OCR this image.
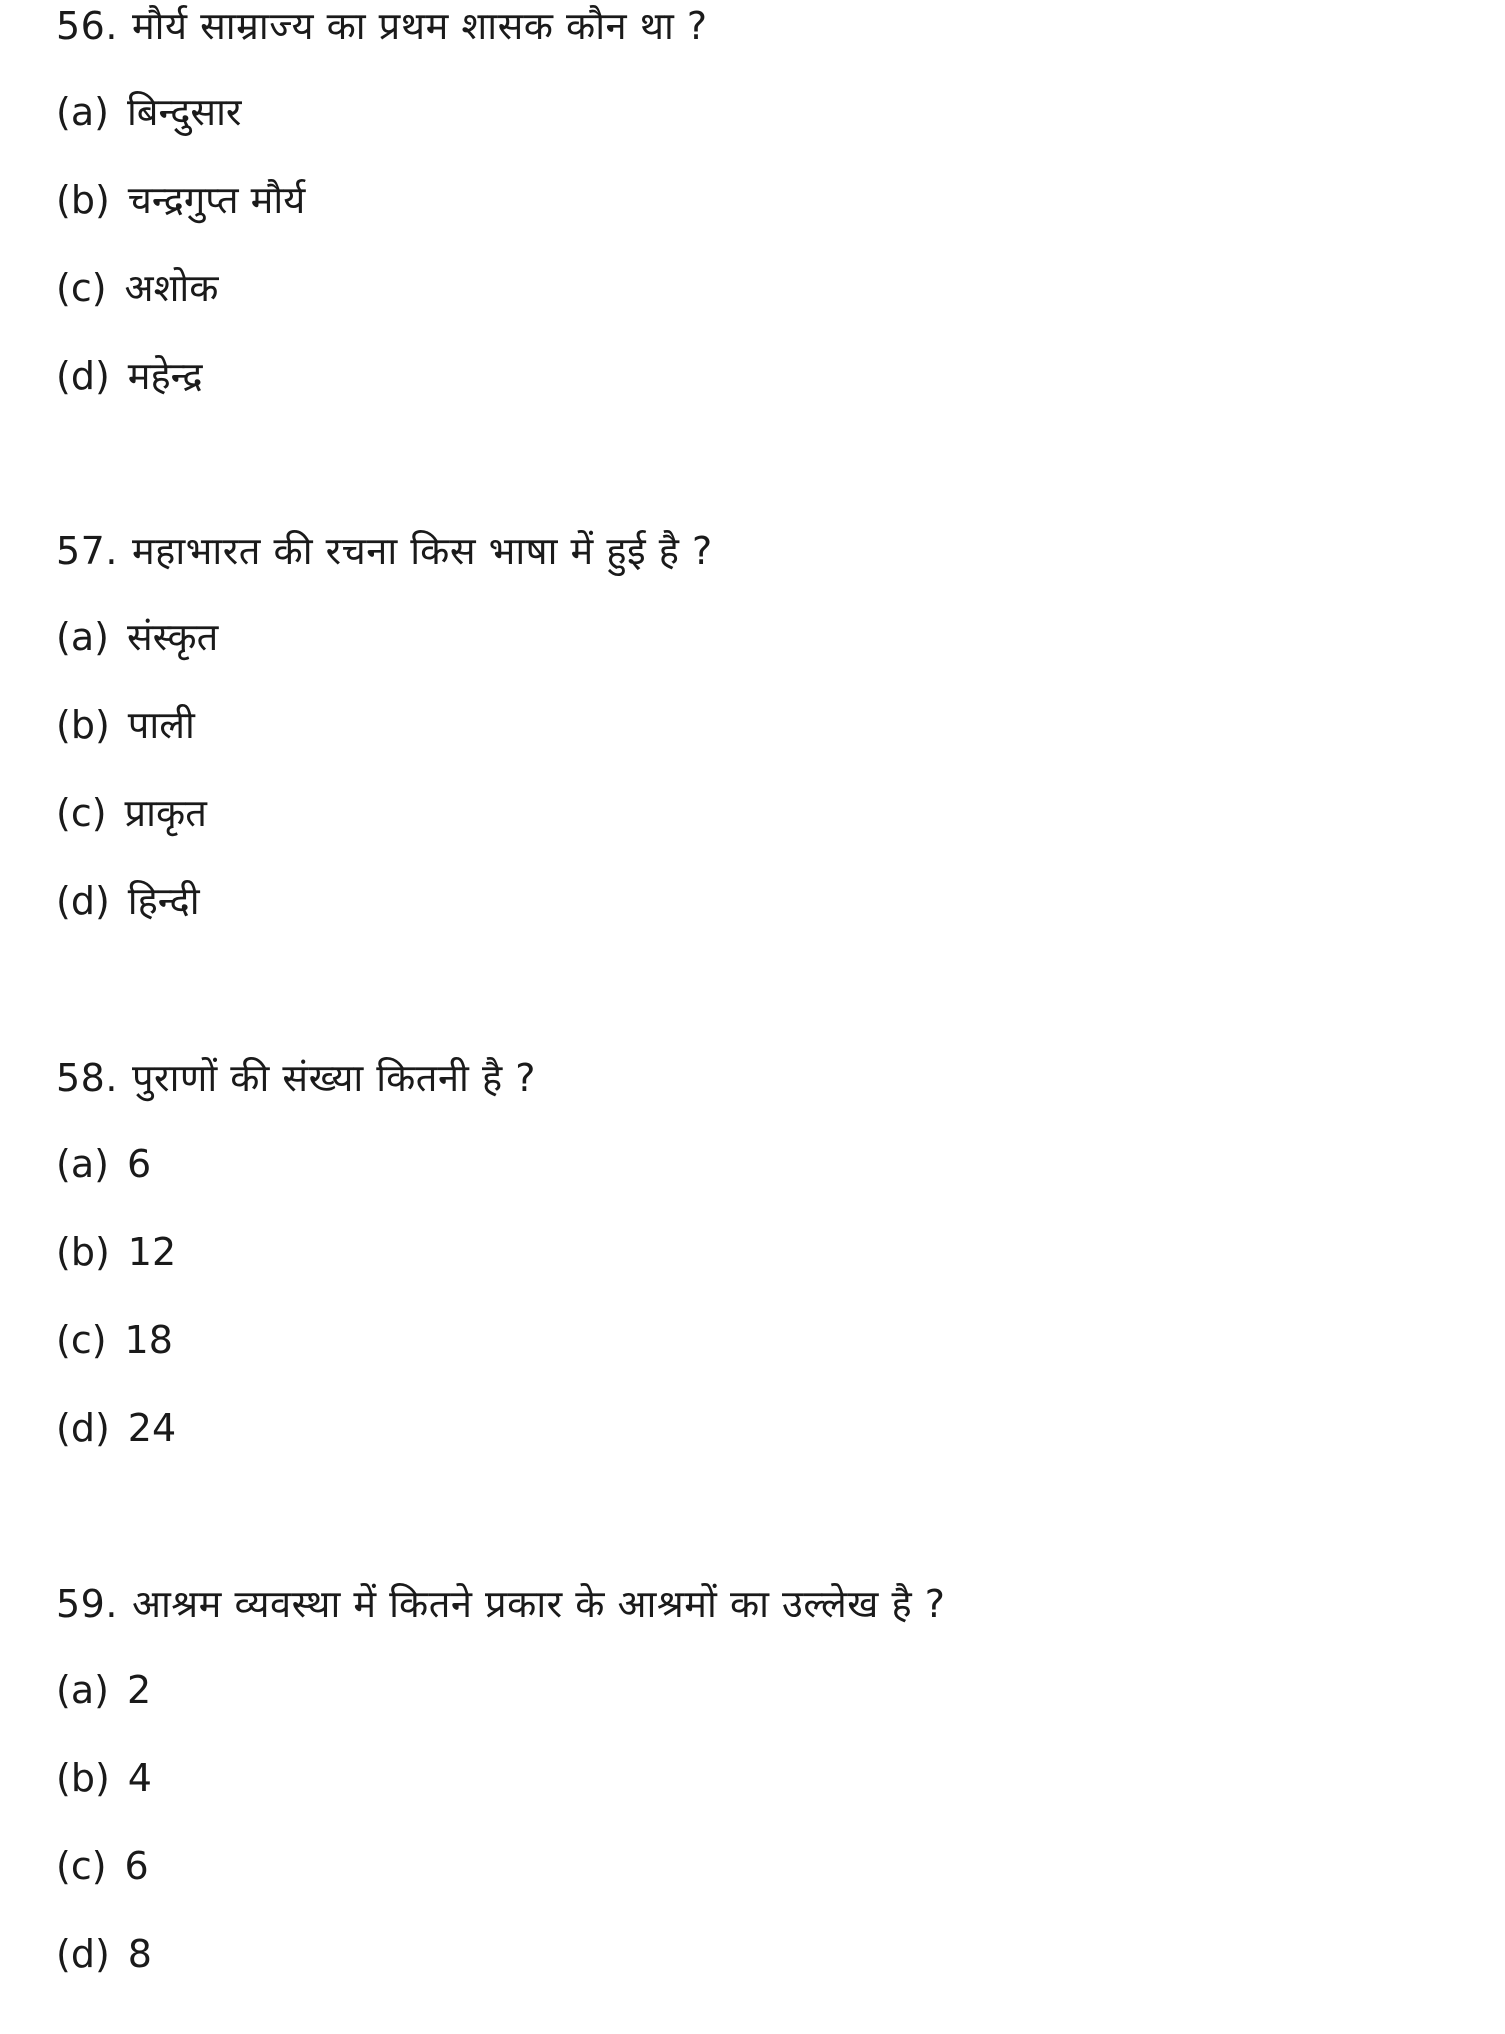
56. मौर्य साम्राज्य का प्रथम शासक कौन था ?
(a) बिन्दुसार
(b) चन्द्रगुप्त मौर्य
(c) अशोक
(d) महेन्द्र
57. महाभारत की रचना किस भाषा में हुई है ?
(a) संस्कृत
(b) पाली
(c) प्राकृत
(d) हिन्दी
58. पुराणों की संख्या कितनी है ?
(a) 6
(b) 12
(c) 18
(d) 24
59. आश्रम व्यवस्था में कितने प्रकार के आश्रमों का उल्लेख है ?
(a) 2
(b) 4
(c) 6
(d) 8
